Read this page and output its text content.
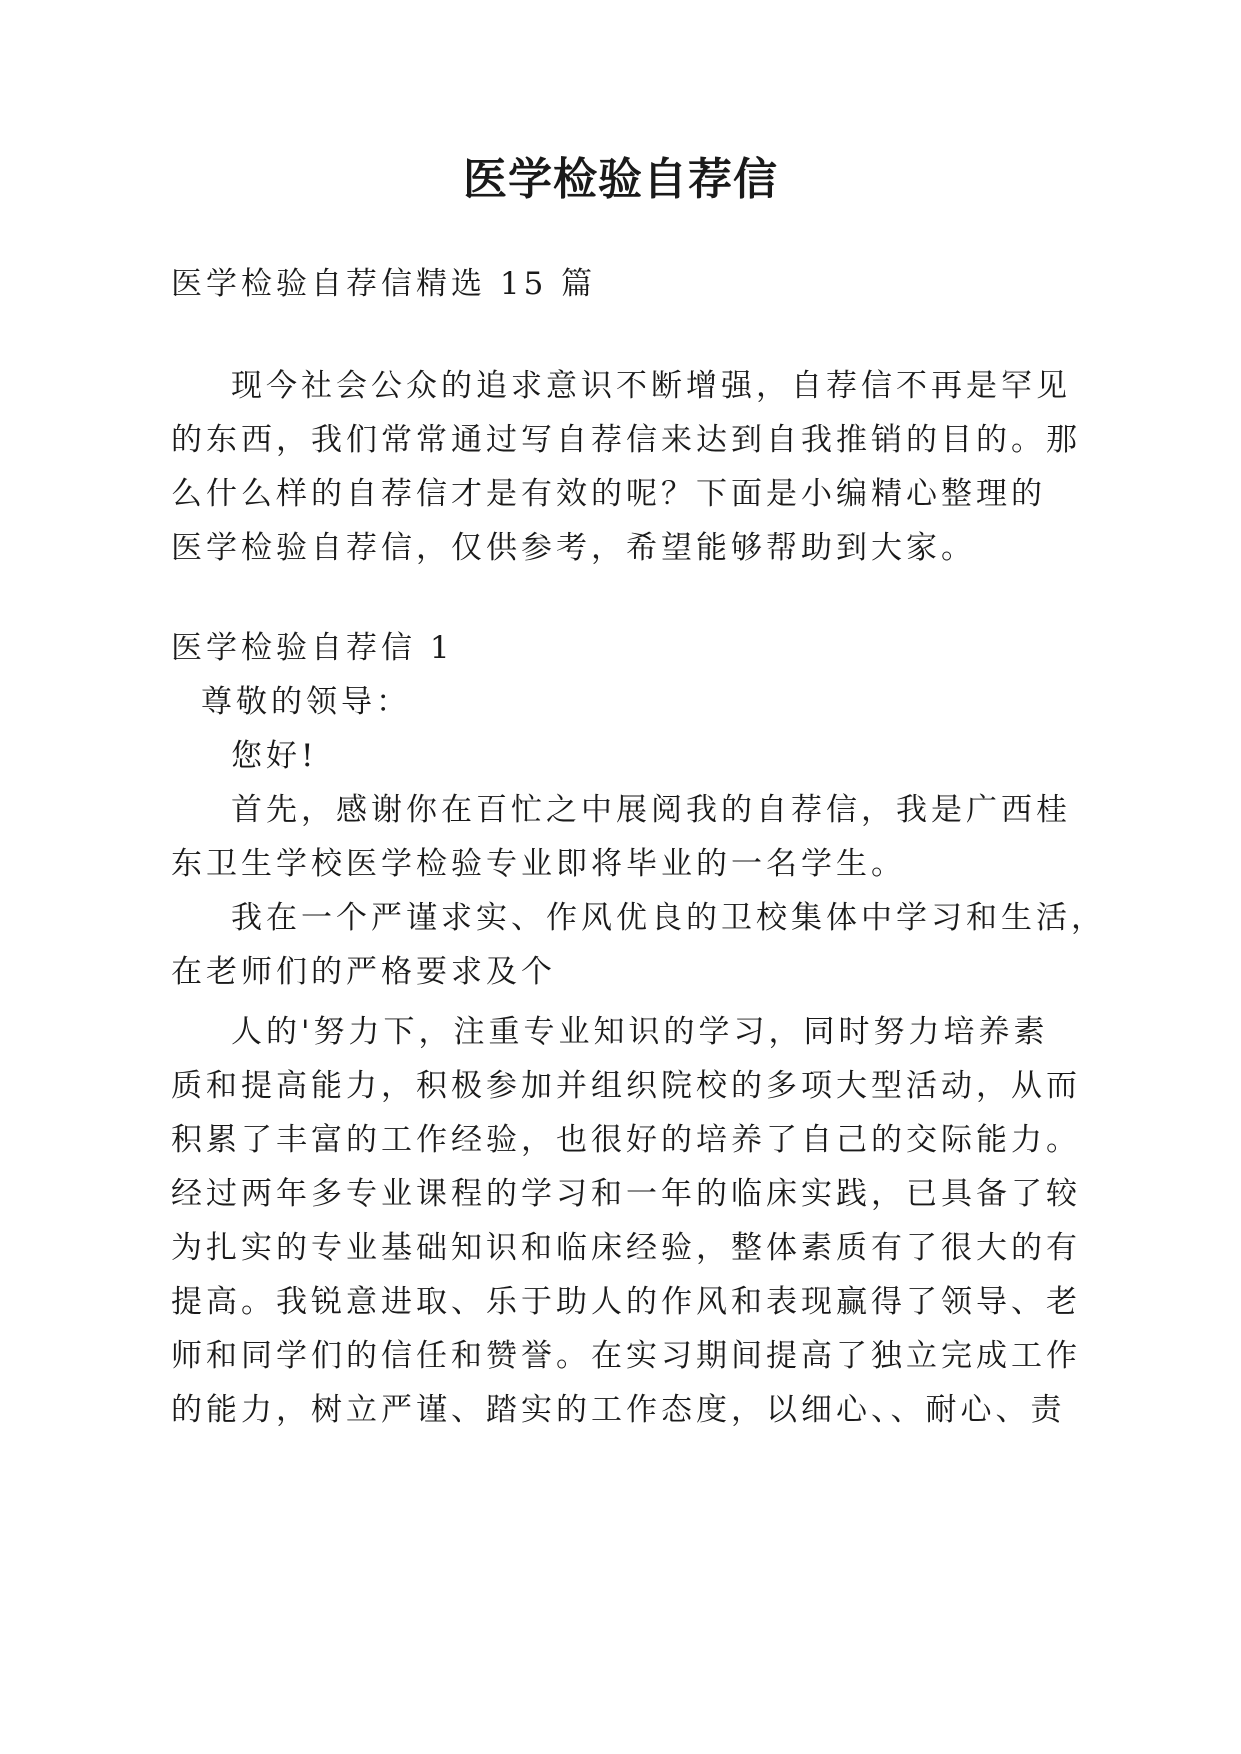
医学检验自荐信
医学检验自荐信精选 15 篇
现今社会公众的追求意识不断增强，自荐信不再是罕见
的东西，我们常常通过写自荐信来达到自我推销的目的。那
么什么样的自荐信才是有效的呢？下面是小编精心整理的
医学检验自荐信，仅供参考，希望能够帮助到大家。
医学检验自荐信 1
尊敬的领导：
您好!
首先，感谢你在百忙之中展阅我的自荐信，我是广西桂
东卫生学校医学检验专业即将毕业的一名学生。
我在一个严谨求实、作风优良的卫校集体中学习和生活，
在老师们的严格要求及个
人的'努力下，注重专业知识的学习，同时努力培养素
质和提高能力，积极参加并组织院校的多项大型活动，从而
积累了丰富的工作经验，也很好的培养了自己的交际能力。
经过两年多专业课程的学习和一年的临床实践，已具备了较
为扎实的专业基础知识和临床经验，整体素质有了很大的有
提高。我锐意进取、乐于助人的作风和表现赢得了领导、老
师和同学们的信任和赞誉。在实习期间提高了独立完成工作
的能力，树立严谨、踏实的工作态度，以细心、、耐心、责
